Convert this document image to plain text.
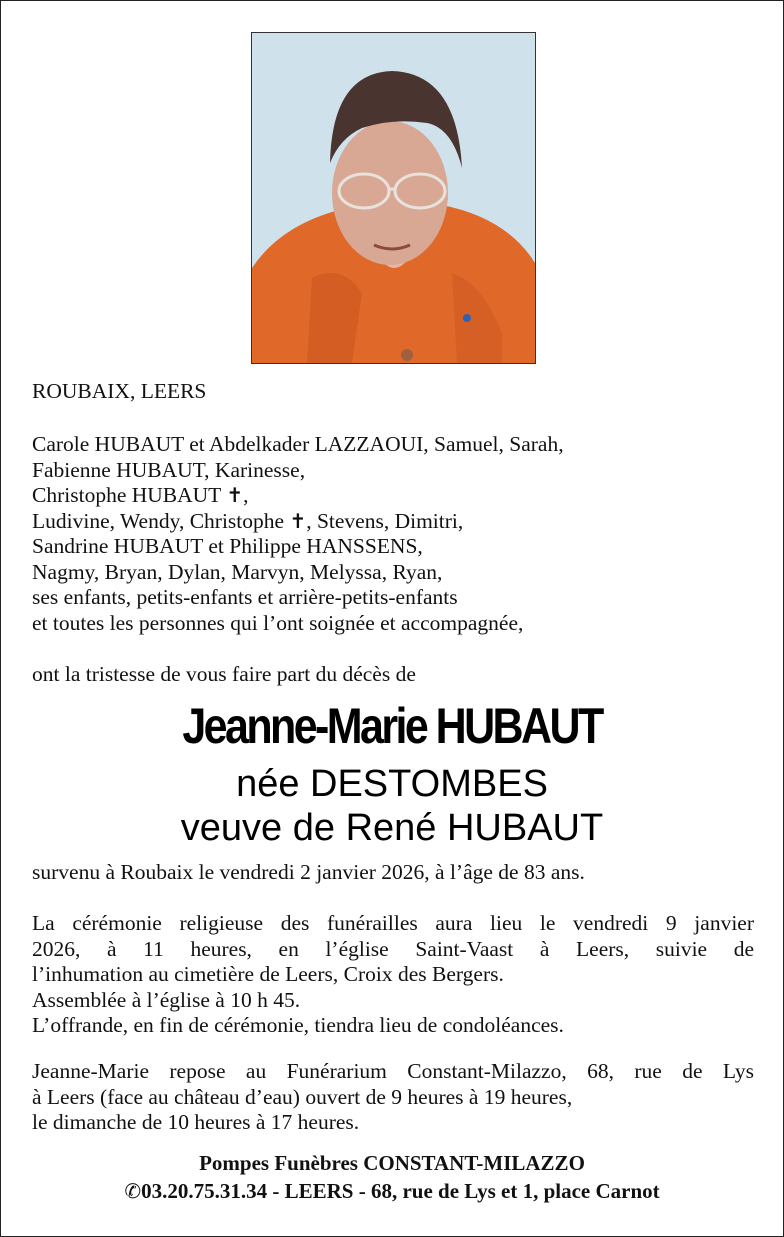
ROUBAIX, LEERS
Carole HUBAUT et Abdelkader LAZZAOUI, Samuel, Sarah,
Fabienne HUBAUT, Karinesse,
Christophe HUBAUT ✝,
Ludivine, Wendy, Christophe ✝, Stevens, Dimitri,
Sandrine HUBAUT et Philippe HANSSENS,
Nagmy, Bryan, Dylan, Marvyn, Melyssa, Ryan,
ses enfants, petits-enfants et arrière-petits-enfants
et toutes les personnes qui l’ont soignée et accompagnée,
ont la tristesse de vous faire part du décès de
Jeanne-Marie HUBAUT
née DESTOMBES
veuve de René HUBAUT
survenu à Roubaix le vendredi 2 janvier 2026, à l’âge de 83 ans.
La cérémonie religieuse des funérailles aura lieu le vendredi 9 janvier
2026, à 11 heures, en l’église Saint-Vaast à Leers, suivie de
l’inhumation au cimetière de Leers, Croix des Bergers.
Assemblée à l’église à 10 h 45.
L’offrande, en fin de cérémonie, tiendra lieu de condoléances.
Jeanne-Marie repose au Funérarium Constant-Milazzo, 68, rue de Lys
à Leers (face au château d’eau) ouvert de 9 heures à 19 heures,
le dimanche de 10 heures à 17 heures.
Pompes Funèbres CONSTANT-MILAZZO
✆03.20.75.31.34 - LEERS - 68, rue de Lys et 1, place Carnot
